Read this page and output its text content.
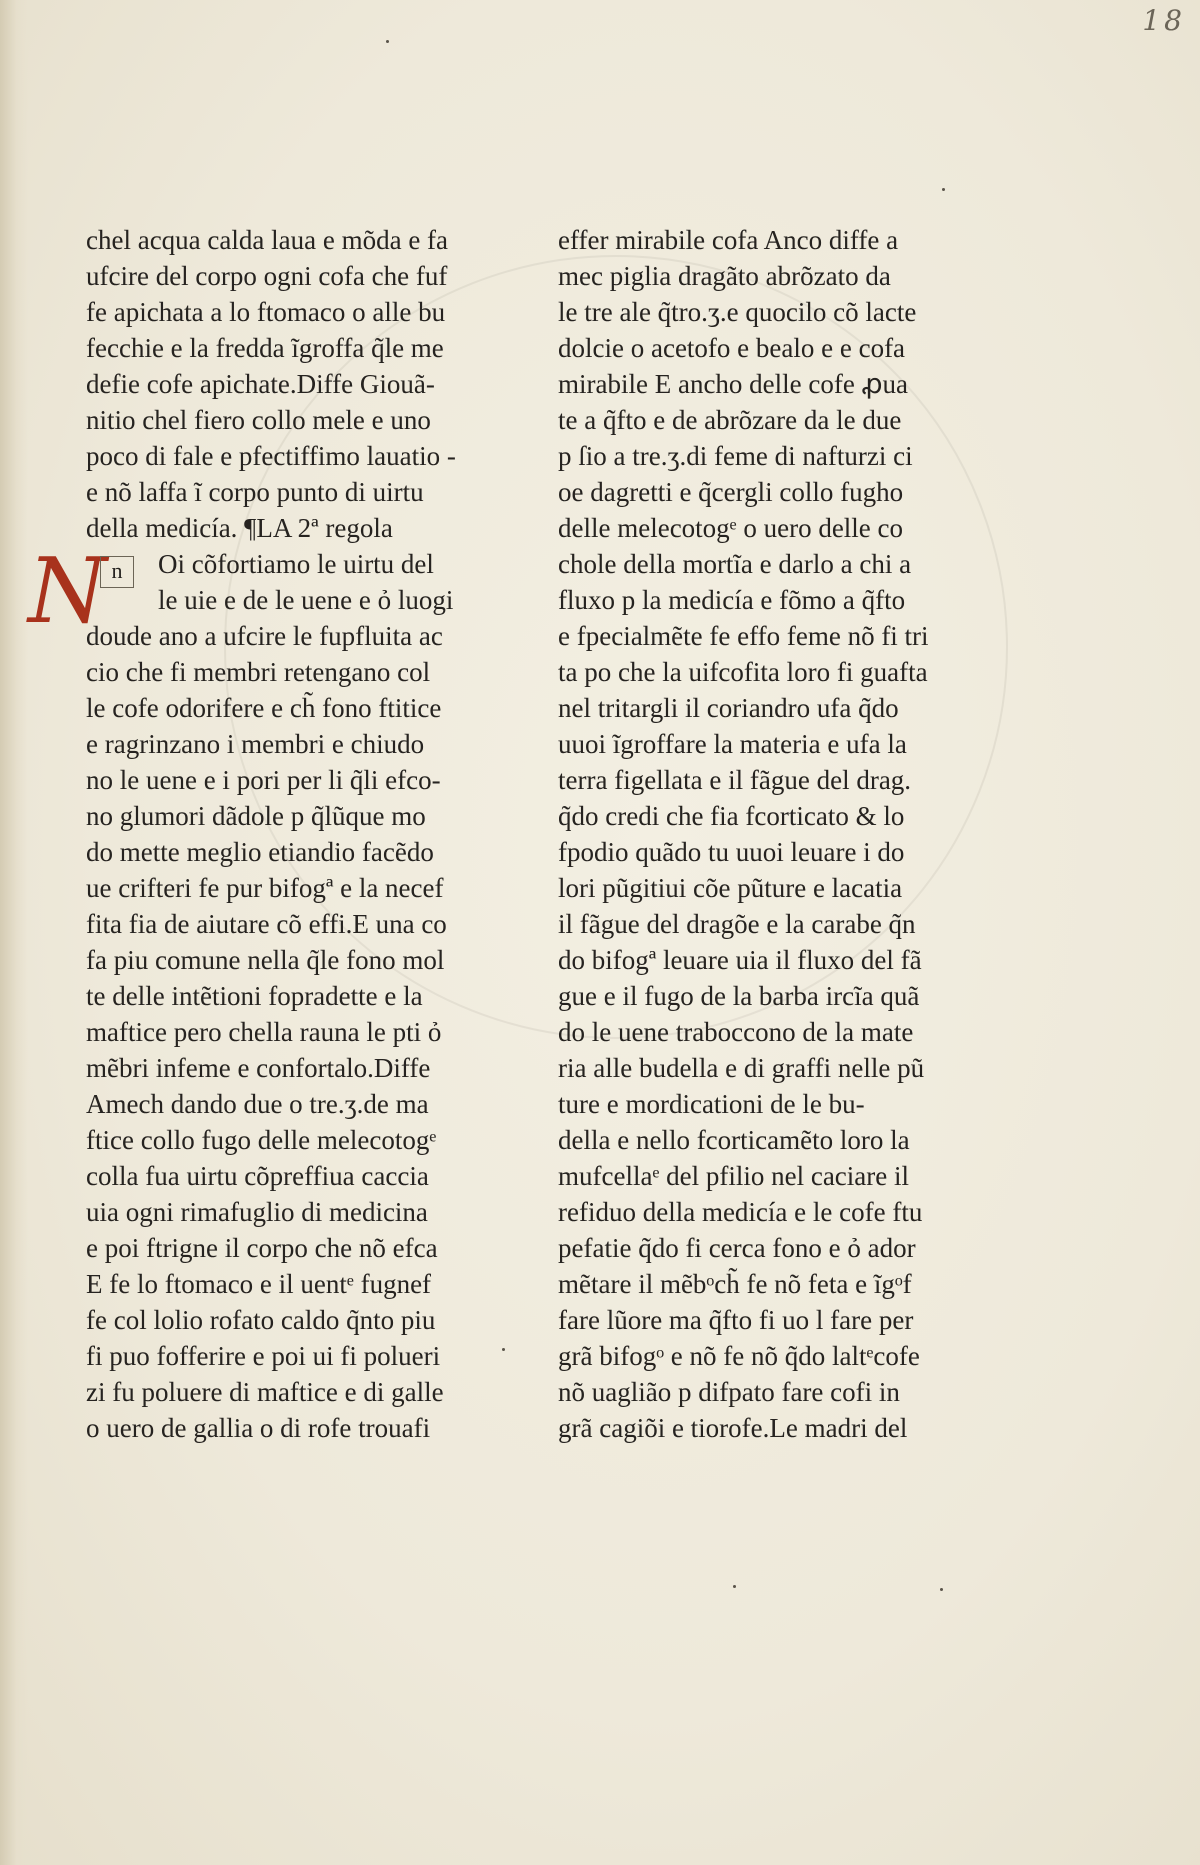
18
N n
chel acqua calda laua e mõda e fa
ufcire del corpo ogni cofa che fuf
fe apichata a lo ftomaco o alle bu
fecchie e la fredda ĩgroffa q̃le me
defie cofe apichate.Diffe Giouã-
nitio chel fiero collo mele e uno
poco di fale e pfectiffimo lauatio -
e nõ laffa ĩ corpo punto di uirtu
della medicía. ¶LA 2ª regola
Oi cõfortiamo le uirtu del
le uie e de le uene e ỏ luogi
doude ano a ufcire le fupfluita ac
cio che fi membri retengano col
le cofe odorifere e ch̃ fono ftitice
e ragrinzano i membri e chiudo
no le uene e i pori per li q̃li efco-
no glumori dãdole p q̃lũque mo
do mette meglio etiandio facẽdo
ue crifteri fe pur bifogª e la necef
fita fia de aiutare cõ effi.E una co
fa piu comune nella q̃le fono mol
te delle intẽtioni fopradette e la
maftice pero chella rauna le pti ỏ
mẽbri infeme e confortalo.Diffe
Amech dando due o tre.ʒ.de ma
ftice collo fugo delle melecotogᵉ
colla fua uirtu cõpreffiua caccia
uia ogni rimafuglio di medicina
e poi ftrigne il corpo che nõ efca
E fe lo ftomaco e il uentᵉ fugnef
fe col lolio rofato caldo q̃nto piu
fi puo fofferire e poi ui fi polueri
zi fu poluere di maftice e di galle
o uero de gallia o di rofe trouafi
effer mirabile cofa Anco diffe a
mec piglia dragãto abrõzato da
le tre ale q̃tro.ʒ.e quocilo cõ lacte
dolcie o acetofo e bealo e e cofa
mirabile E ancho delle cofe ꝓua
te a q̃fto e de abrõzare da le due
p ſio a tre.ʒ.di feme di nafturzi ci
oe dagretti e q̃cergli collo fugho
delle melecotogᵉ o uero delle co
chole della mortĩa e darlo a chi a
fluxo p la medicía e fõmo a q̃fto
e fpecialmẽte fe effo feme nõ fi tri
ta po che la uifcofita loro fi guafta
nel tritargli il coriandro ufa q̃do
uuoi ĩgroffare la materia e ufa la
terra figellata e il fãgue del drag.
q̃do credi che fia fcorticato & lo
fpodio quãdo tu uuoi leuare i do
lori pũgitiui cõe pũture e lacatia
il fãgue del dragõe e la carabe q̃n
do bifogª leuare uia il fluxo del fã
gue e il fugo de la barba ircĩa quã
do le uene traboccono de la mate
ria alle budella e di graffi nelle pũ
ture e mordicationi de le bu-
della e nello fcorticamẽto loro la
mufcellaᵉ del pfilio nel caciare il
refiduo della medicía e le cofe ftu
pefatie q̃do fi cerca fono e ỏ ador
mẽtare il mẽbᵒch̃ fe nõ feta e ĩgᵒf
fare lũore ma q̃fto fi uo l fare per
grã bifogᵒ e nõ fe nõ q̃do laltᵉcofe
nõ uaglião p difpato fare cofi in
grã cagiõi e tiorofe.Le madri del
